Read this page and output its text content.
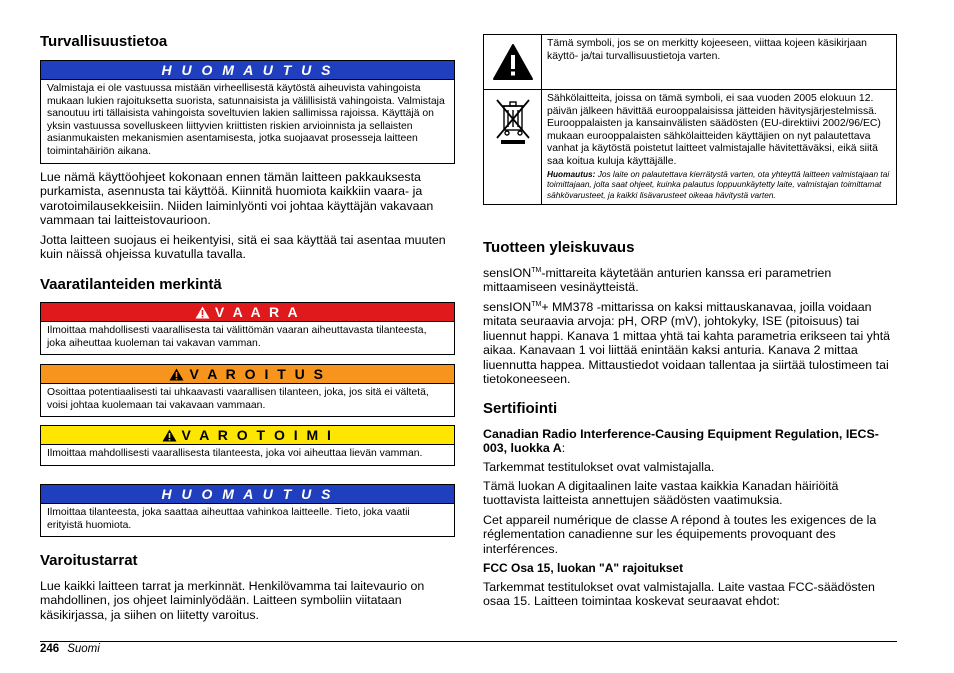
Turvallisuustietoa
H U O M A U T U S
Valmistaja ei ole vastuussa mistään virheellisestä käytöstä aiheuvista vahingoista mukaan lukien rajoituksetta suorista, satunnaisista ja välillisistä vahingoista. Valmistaja sanoutuu irti tällaisista vahingoista soveltuvien lakien sallimissa rajoissa. Käyttäjä on yksin vastuussa sovelluskeen liittyvien kriittisten riskien arvioinnista ja sellaisten asianmukaisten mekanismien asentamisesta, jotka suojaavat prosesseja laitteen toimintahäiriön aikana.

Lue nämä käyttöohjeet kokonaan ennen tämän laitteen pakkauksesta purkamista, asennusta tai käyttöä. Kiinnitä huomiota kaikkiin vaara- ja varotoimilausekkeisiin. Niiden laiminlyönti voi johtaa käyttäjän vakavaan vammaan tai laitteistovaurioon.

Jotta laitteen suojaus ei heikentyisi, sitä ei saa käyttää tai asentaa muuten kuin näissä ohjeissa kuvatulla tavalla.

Vaaratilanteiden merkintä
V A A R A
Ilmoittaa mahdollisesti vaarallisesta tai välittömän vaaran aiheuttavasta tilanteesta, joka aiheuttaa kuoleman tai vakavan vamman.
V A R O I T U S
Osoittaa potentiaalisesti tai uhkaavasti vaarallisen tilanteen, joka, jos sitä ei vältetä, voisi johtaa kuolemaan tai vakavaan vammaan.
V A R O T O I M I
Ilmoittaa mahdollisesti vaarallisesta tilanteesta, joka voi aiheuttaa lievän vamman.
H U O M A U T U S
Ilmoittaa tilanteesta, joka saattaa aiheuttaa vahinkoa laitteelle. Tieto, joka vaatii erityistä huomiota.
Varoitustarrat

Lue kaikki laitteen tarrat ja merkinnät. Henkilövamma tai laitevaurio on mahdollinen, jos ohjeet laiminlyödään. Laitteen symboliin viitataan käsikirjassa, ja siihen on liitetty varoitus.

	Tämä symboli, jos se on merkitty kojeeseen, viittaa kojeen käsikirjaan käyttö- ja/tai turvallisuustietoja varten.
	Sähkölaitteita, joissa on tämä symboli, ei saa vuoden 2005 elokuun 12. päivän jälkeen hävittää eurooppalaisissa jätteiden hävitysjärjestelmissä. Eurooppalaisten ja kansainvälisten säädösten (EU-direktiivi 2002/96/EC) mukaan eurooppalaisten sähkölaitteiden käyttäjien on nyt palautettava vanhat ja käytöstä poistetut laitteet valmistajalle hävitettäväksi, eikä siitä saa koitua kuluja käyttäjälle.
Huomautus: Jos laite on palautettava kierrätystä varten, ota yhteyttä laitteen valmistajaan tai toimittajaan, jolta saat ohjeet, kuinka palautus loppuunkäytetty laite, valmistajan toimittamat sähkövarusteet, ja kaikki lisävarusteet oikeaa hävitystä varten.
Tuotteen yleiskuvaus

sensION™-mittareita käytetään anturien kanssa eri parametrien mittaamiseen vesinäytteistä.

sensION™+ MM378 -mittarissa on kaksi mittauskanavaa, joilla voidaan mitata seuraavia arvoja: pH, ORP (mV), johtokyky, ISE (pitoisuus) tai liuennut happi. Kanava 1 mittaa yhtä tai kahta parametria erikseen tai yhtä aikaa. Kanavaan 1 voi liittää enintään kaksi anturia. Kanava 2 mittaa liuennutta happea. Mittaustiedot voidaan tallentaa ja siirtää tulostimeen tai tietokoneeseen.

Sertifiointi

Canadian Radio Interference-Causing Equipment Regulation, IECS-003, luokka A:

Tarkemmat testitulokset ovat valmistajalla.

Tämä luokan A digitaalinen laite vastaa kaikkia Kanadan häiriöitä tuottavista laitteista annettujen säädösten vaatimuksia.

Cet appareil numérique de classe A répond à toutes les exigences de la réglementation canadienne sur les équipements provoquant des interférences.

FCC Osa 15, luokan "A" rajoitukset

Tarkemmat testitulokset ovat valmistajalla. Laite vastaa FCC-säädösten osaa 15. Laitteen toimintaa koskevat seuraavat ehdot:

246 Suomi
